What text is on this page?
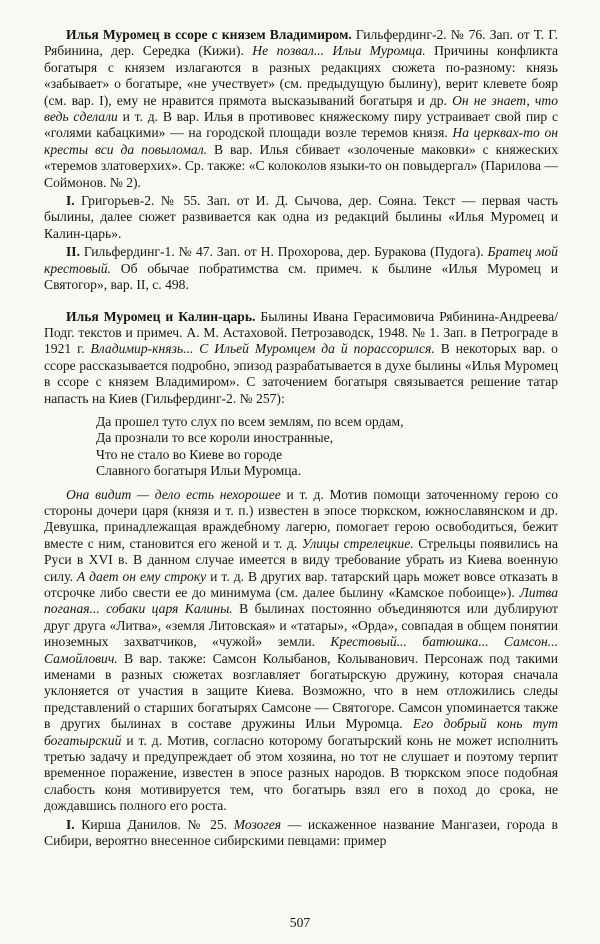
Илья Муромец в ссоре с князем Владимиром. Гильфердинг-2. № 76. Зап. от Т. Г. Рябинина, дер. Середка (Кижи). Не позвал... Ильи Муромца. Причины конфликта богатыря с князем излагаются в разных редакциях сюжета по-разному: князь «забывает» о богатыре, «не учествует» (см. предыдущую былину), верит клевете бояр (см. вар. I), ему не нравится прямота высказываний богатыря и др. Он не знает, что ведь сделали и т. д. В вар. Илья в противовес княжескому пиру устраивает свой пир с «голями кабацкими» — на городской площади возле теремов князя. На церквах-то он кресты вси да повыломал. В вар. Илья сбивает «золоченые маковки» с княжеских «теремов златоверхих». Ср. также: «С колоколов языки-то он повыдергал» (Парилова — Соймонов. № 2).

I. Григорьев-2. № 55. Зап. от И. Д. Сычова, дер. Сояна. Текст — первая часть былины, далее сюжет развивается как одна из редакций былины «Илья Муромец и Калин-царь».

II. Гильфердинг-1. № 47. Зап. от Н. Прохорова, дер. Буракова (Пудога). Братец мой крестовый. Об обычае побратимства см. примеч. к былине «Илья Муромец и Святогор», вар. II, с. 498.

Илья Муромец и Калин-царь. Былины Ивана Герасимовича Рябинина-Андреева/Подг. текстов и примеч. А. М. Астаховой. Петрозаводск, 1948. № 1. Зап. в Петрограде в 1921 г. Владимир-князь... С Ильей Муромцем да й порассорился. В некоторых вар. о ссоре рассказывается подробно, эпизод разрабатывается в духе былины «Илья Муромец в ссоре с князем Владимиром». С заточением богатыря связывается решение татар напасть на Киев (Гильфердинг-2. № 257):

Да прошел туто слух по всем землям, по всем ордам,
Да прознали то все короли иностранные,
Что не стало во Киеве во городе
Славного богатыря Ильи Муромца.

Она видит — дело есть нехорошее и т. д. Мотив помощи заточенному герою со стороны дочери царя (князя и т. п.) известен в эпосе тюркском, южнославянском и др. Девушка, принадлежащая враждебному лагерю, помогает герою освободиться, бежит вместе с ним, становится его женой и т. д. Улицы стрелецкие. Стрельцы появились на Руси в XVI в. В данном случае имеется в виду требование убрать из Киева военную силу. А дает он ему строку и т. д. В других вар. татарский царь может вовсе отказать в отсрочке либо свести ее до минимума (см. далее былину «Камское побоище»). Литва поганая... собаки царя Калины. В былинах постоянно объединяются или дублируют друг друга «Литва», «земля Литовская» и «татары», «Орда», совпадая в общем понятии иноземных захватчиков, «чужой» земли. Крестовый... батюшка... Самсон... Самойлович. В вар. также: Самсон Колыбанов, Колыванович. Персонаж под такими именами в разных сюжетах возглавляет богатырскую дружину, которая сначала уклоняется от участия в защите Киева. Возможно, что в нем отложились следы представлений о старших богатырях Самсоне — Святогоре. Самсон упоминается также в других былинах в составе дружины Ильи Муромца. Его добрый конь тут богатырский и т. д. Мотив, согласно которому богатырский конь не может исполнить третью задачу и предупреждает об этом хозяина, но тот не слушает и поэтому терпит временное поражение, известен в эпосе разных народов. В тюркском эпосе подобная слабость коня мотивируется тем, что богатырь взял его в поход до срока, не дождавшись полного его роста.

I. Кирша Данилов. № 25. Мозогея — искаженное название Мангазеи, города в Сибири, вероятно внесенное сибирскими певцами: пример

507
